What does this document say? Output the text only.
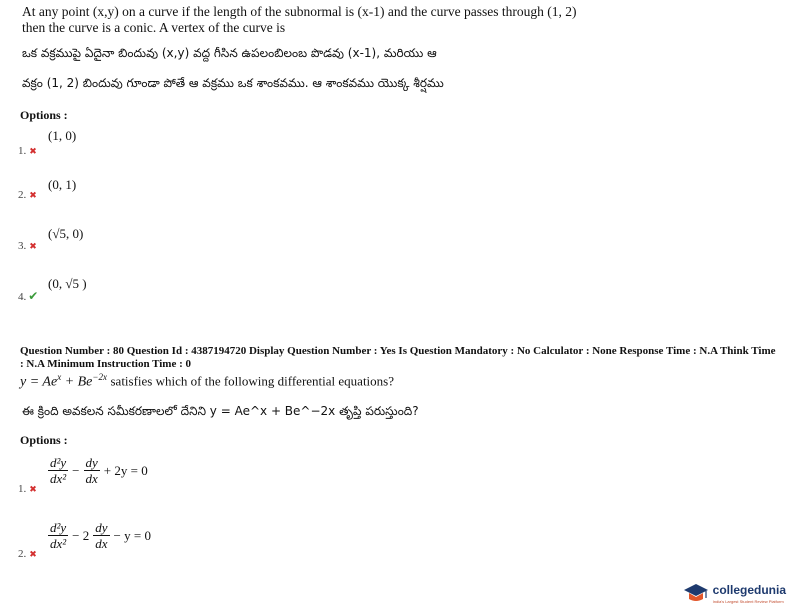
At any point (x,y) on a curve if the length of the subnormal is (x-1) and the curve passes through (1, 2) then the curve is a conic. A vertex of the curve is
ఒక వక్రముపై ఏదైనా బిందువు (x,y) వద్ద గీసిన ఉపలంబిలంబ పొడవు (x-1), మరియు ఆ
వక్రం (1, 2) బిందువు గూండా పోతే ఆ వక్రము ఒక శాంకవము. ఆ శాంకవము యొక్క శీర్షము
Options :
(1, 0)
1. ✖
(0, 1)
2. ✖
(√5, 0)
3. ✖
(0, √5 )
4. ✔
Question Number : 80 Question Id : 4387194720 Display Question Number : Yes Is Question Mandatory : No Calculator : None Response Time : N.A Think Time : N.A Minimum Instruction Time : 0
$y = Ae^x + Be^{-2x}$ satisfies which of the following differential equations?
ఈ క్రింది అవకలన సమీకరణాలలో దేనిని y = Ae^x + Be^−2x తృప్తి పరుస్తుంది?
Options :
$\frac{\text{d²y}}{\text{dx²}} - \frac{dy}{dx} + 2y = 0$
1. ✖
$\frac{\text{d²y}}{\text{dx²}} - 2 \frac{dy}{dx} - y = 0$
2. ✖
collegedunia
India's Largest Student Review Platform
